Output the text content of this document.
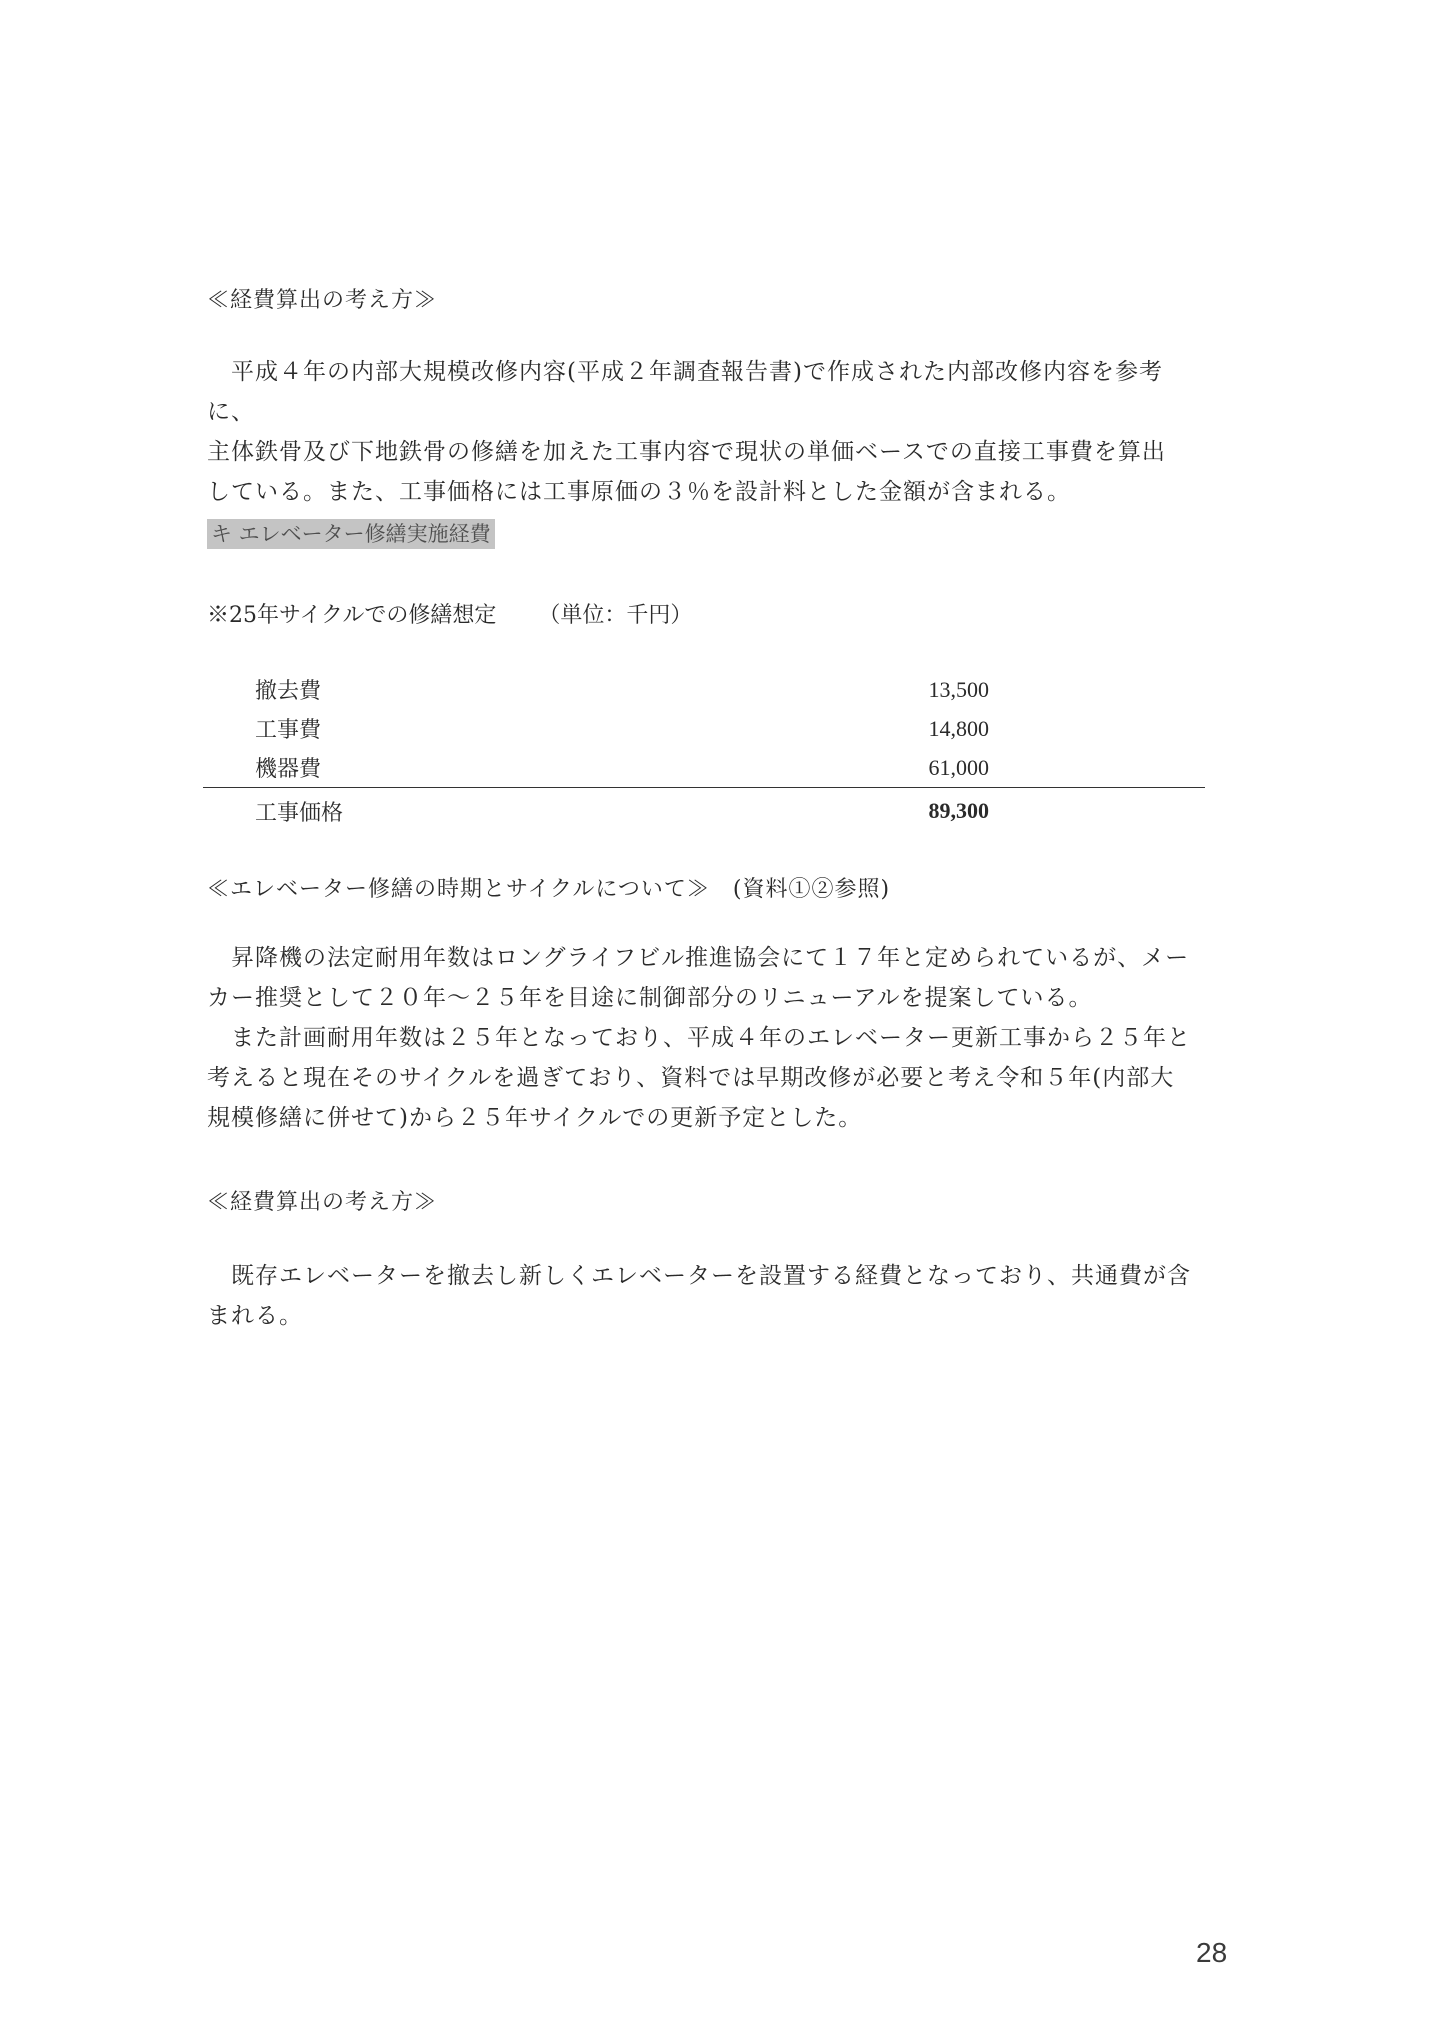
≪経費算出の考え方≫

平成４年の内部大規模改修内容(平成２年調査報告書)で作成された内部改修内容を参考に、

主体鉄骨及び下地鉄骨の修繕を加えた工事内容で現状の単価ベースでの直接工事費を算出

している。また、工事価格には工事原価の３％を設計料とした金額が含まれる。

キ エレベーター修繕実施経費
※25年サイクルでの修繕想定 （単位：千円）
撤去費	13,500
工事費	14,800
機器費	61,000
工事価格	89,300
≪エレベーター修繕の時期とサイクルについて≫　(資料①②参照)

昇降機の法定耐用年数はロングライフビル推進協会にて１７年と定められているが、メー

カー推奨として２０年～２５年を目途に制御部分のリニューアルを提案している。

また計画耐用年数は２５年となっており、平成４年のエレベーター更新工事から２５年と

考えると現在そのサイクルを過ぎており、資料では早期改修が必要と考え令和５年(内部大

規模修繕に併せて)から２５年サイクルでの更新予定とした。

≪経費算出の考え方≫

既存エレベーターを撤去し新しくエレベーターを設置する経費となっており、共通費が含

まれる。

28
